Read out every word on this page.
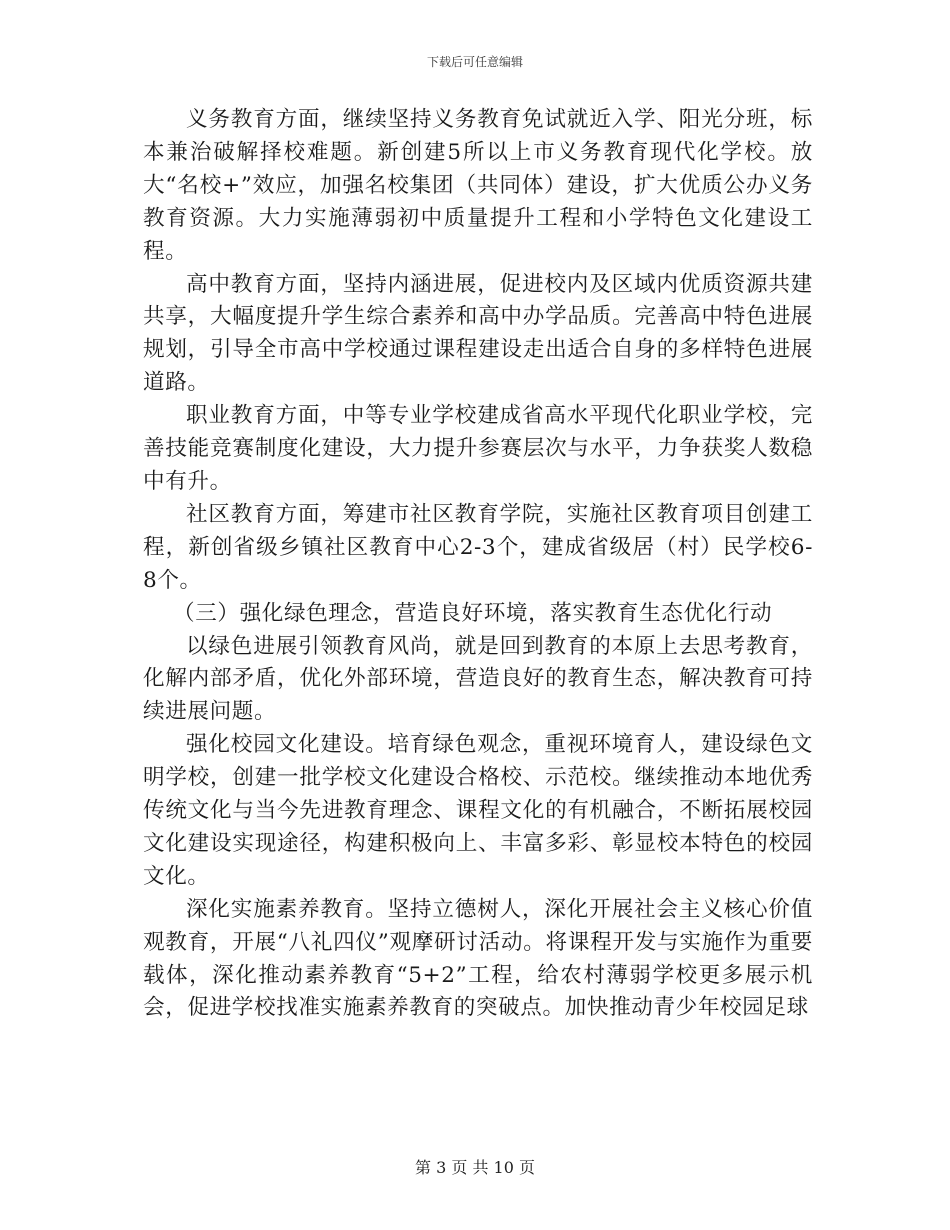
下载后可任意编辑

义务教育方面，继续坚持义务教育免试就近入学、阳光分班，标本兼治破解择校难题。新创建5所以上市义务教育现代化学校。放大“名校+”效应，加强名校集团（共同体）建设，扩大优质公办义务教育资源。大力实施薄弱初中质量提升工程和小学特色文化建设工程。

高中教育方面，坚持内涵进展，促进校内及区域内优质资源共建共享，大幅度提升学生综合素养和高中办学品质。完善高中特色进展规划，引导全市高中学校通过课程建设走出适合自身的多样特色进展道路。

职业教育方面，中等专业学校建成省高水平现代化职业学校，完善技能竞赛制度化建设，大力提升参赛层次与水平，力争获奖人数稳中有升。

社区教育方面，筹建市社区教育学院，实施社区教育项目创建工程，新创省级乡镇社区教育中心2-3个，建成省级居（村）民学校6-8个。

（三）强化绿色理念，营造良好环境，落实教育生态优化行动

以绿色进展引领教育风尚，就是回到教育的本原上去思考教育，化解内部矛盾，优化外部环境，营造良好的教育生态，解决教育可持续进展问题。

强化校园文化建设。培育绿色观念，重视环境育人，建设绿色文明学校，创建一批学校文化建设合格校、示范校。继续推动本地优秀传统文化与当今先进教育理念、课程文化的有机融合，不断拓展校园文化建设实现途径，构建积极向上、丰富多彩、彰显校本特色的校园文化。

深化实施素养教育。坚持立德树人，深化开展社会主义核心价值观教育，开展“八礼四仪”观摩研讨活动。将课程开发与实施作为重要载体，深化推动素养教育“5+2”工程，给农村薄弱学校更多展示机会，促进学校找准实施素养教育的突破点。加快推动青少年校园足球

第 3 页 共 10 页
